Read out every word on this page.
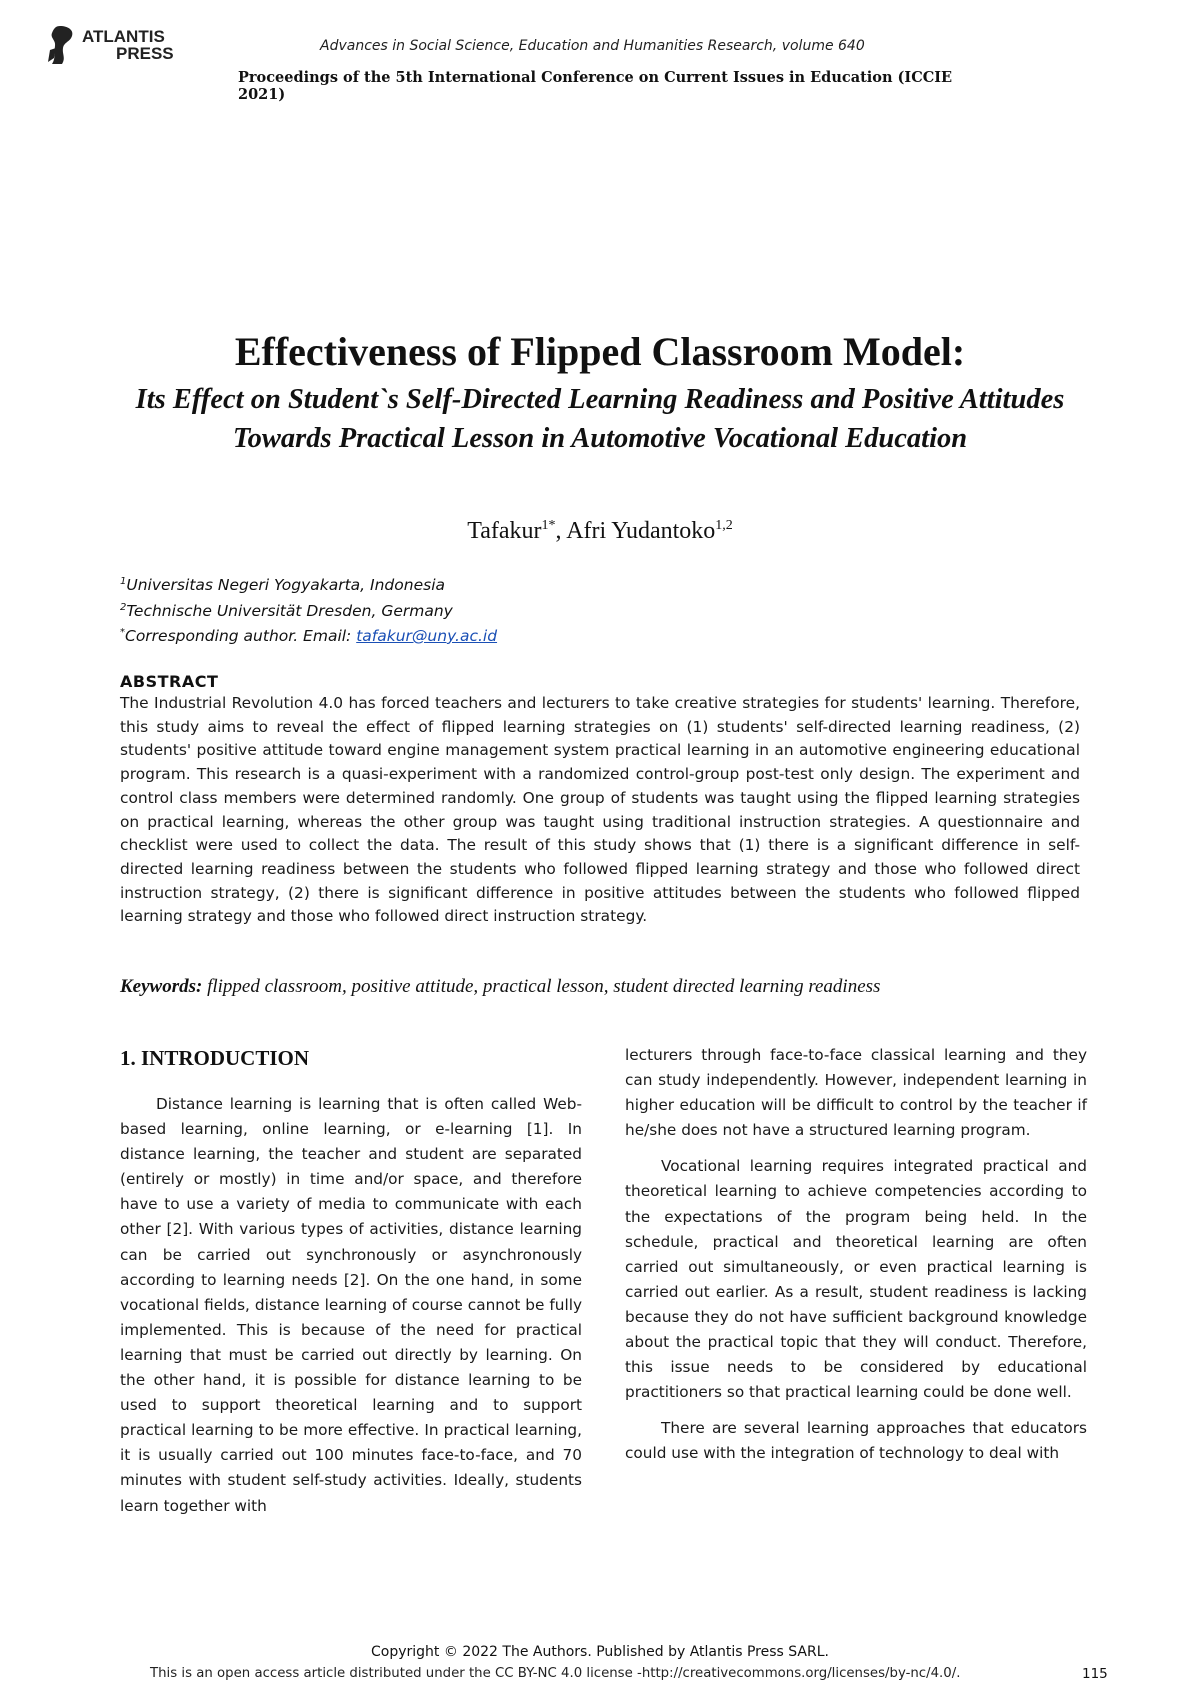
ATLANTIS
PRESS	Advances in Social Science, Education and Humanities Research, volume 640
Proceedings of the 5th International Conference on Current Issues in Education (ICCIE 2021)
Effectiveness of Flipped Classroom Model:
Its Effect on Student`s Self-Directed Learning Readiness and Positive Attitudes Towards Practical Lesson in Automotive Vocational Education
Tafakur$^{1*}$, Afri Yudantoko$^{1,2}$
$^1$Universitas Negeri Yogyakarta, Indonesia
$^2$Technische Universität Dresden, Germany
*Corresponding author. Email: tafakur@uny.ac.id
ABSTRACT
The Industrial Revolution 4.0 has forced teachers and lecturers to take creative strategies for students' learning. Therefore, this study aims to reveal the effect of flipped learning strategies on (1) students' self-directed learning readiness, (2) students' positive attitude toward engine management system practical learning in an automotive engineering educational program. This research is a quasi-experiment with a randomized control-group post-test only design. The experiment and control class members were determined randomly. One group of students was taught using the flipped learning strategies on practical learning, whereas the other group was taught using traditional instruction strategies. A questionnaire and checklist were used to collect the data. The result of this study shows that (1) there is a significant difference in self-directed learning readiness between the students who followed flipped learning strategy and those who followed direct instruction strategy, (2) there is significant difference in positive attitudes between the students who followed flipped learning strategy and those who followed direct instruction strategy.
Keywords: flipped classroom, positive attitude, practical lesson, student directed learning readiness
1. INTRODUCTION

Distance learning is learning that is often called Web-based learning, online learning, or e-learning [1]. In distance learning, the teacher and student are separated (entirely or mostly) in time and/or space, and therefore have to use a variety of media to communicate with each other [2]. With various types of activities, distance learning can be carried out synchronously or asynchronously according to learning needs [2]. On the one hand, in some vocational fields, distance learning of course cannot be fully implemented. This is because of the need for practical learning that must be carried out directly by learning. On the other hand, it is possible for distance learning to be used to support theoretical learning and to support practical learning to be more effective. In practical learning, it is usually carried out 100 minutes face-to-face, and 70 minutes with student self-study activities. Ideally, students learn together with

lecturers through face-to-face classical learning and they can study independently. However, independent learning in higher education will be difficult to control by the teacher if he/she does not have a structured learning program.

Vocational learning requires integrated practical and theoretical learning to achieve competencies according to the expectations of the program being held. In the schedule, practical and theoretical learning are often carried out simultaneously, or even practical learning is carried out earlier. As a result, student readiness is lacking because they do not have sufficient background knowledge about the practical topic that they will conduct. Therefore, this issue needs to be considered by educational practitioners so that practical learning could be done well.

There are several learning approaches that educators could use with the integration of technology to deal with

Copyright © 2022 The Authors. Published by Atlantis Press SARL.
This is an open access article distributed under the CC BY-NC 4.0 license -http://creativecommons.org/licenses/by-nc/4.0/.	115
